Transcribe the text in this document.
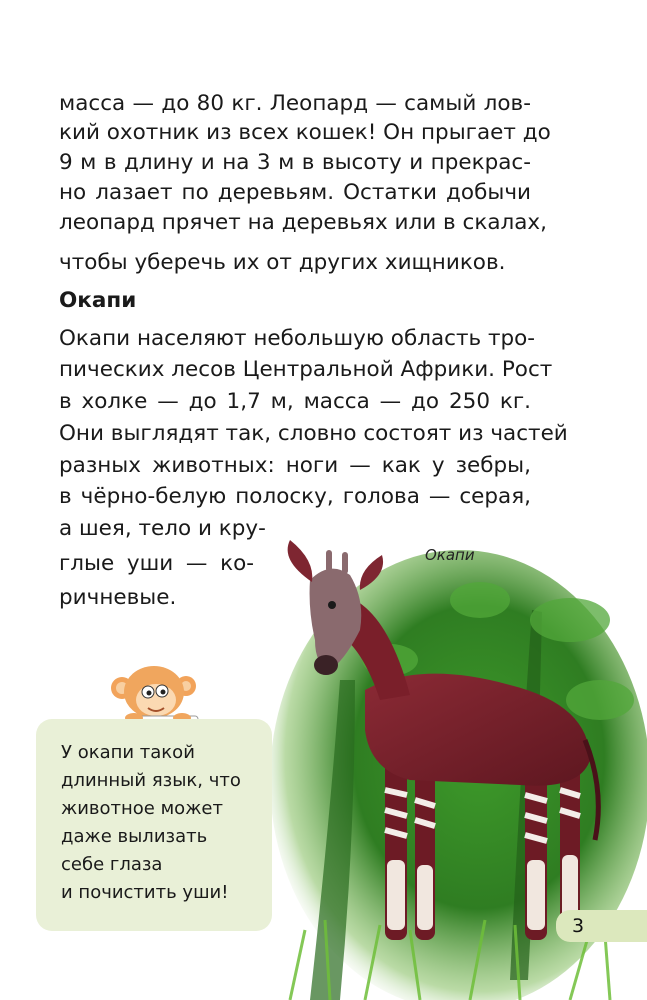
масса — до 80 кг. Леопард — самый лов-
кий охотник из всех кошек! Он прыгает до
9 м в длину и на 3 м в высоту и прекрас-
но лазает по деревьям. Остатки добычи
леопард прячет на деревьях или в скалах,
чтобы уберечь их от других хищников.
Окапи
Окапи населяют небольшую область тро-
пических лесов Центральной Африки. Рост
в холке — до 1,7 м, масса — до 250 кг.
Они выглядят так, словно состоят из частей
разных животных: ноги — как у зебры,
в чёрно-белую полоску, голова — серая,
а шея, тело и кру-
глые уши — ко-
ричневые.
Окапи
У окапи такой
длинный язык, что
животное может
даже вылизать
себе глаза
и почистить уши!
3
